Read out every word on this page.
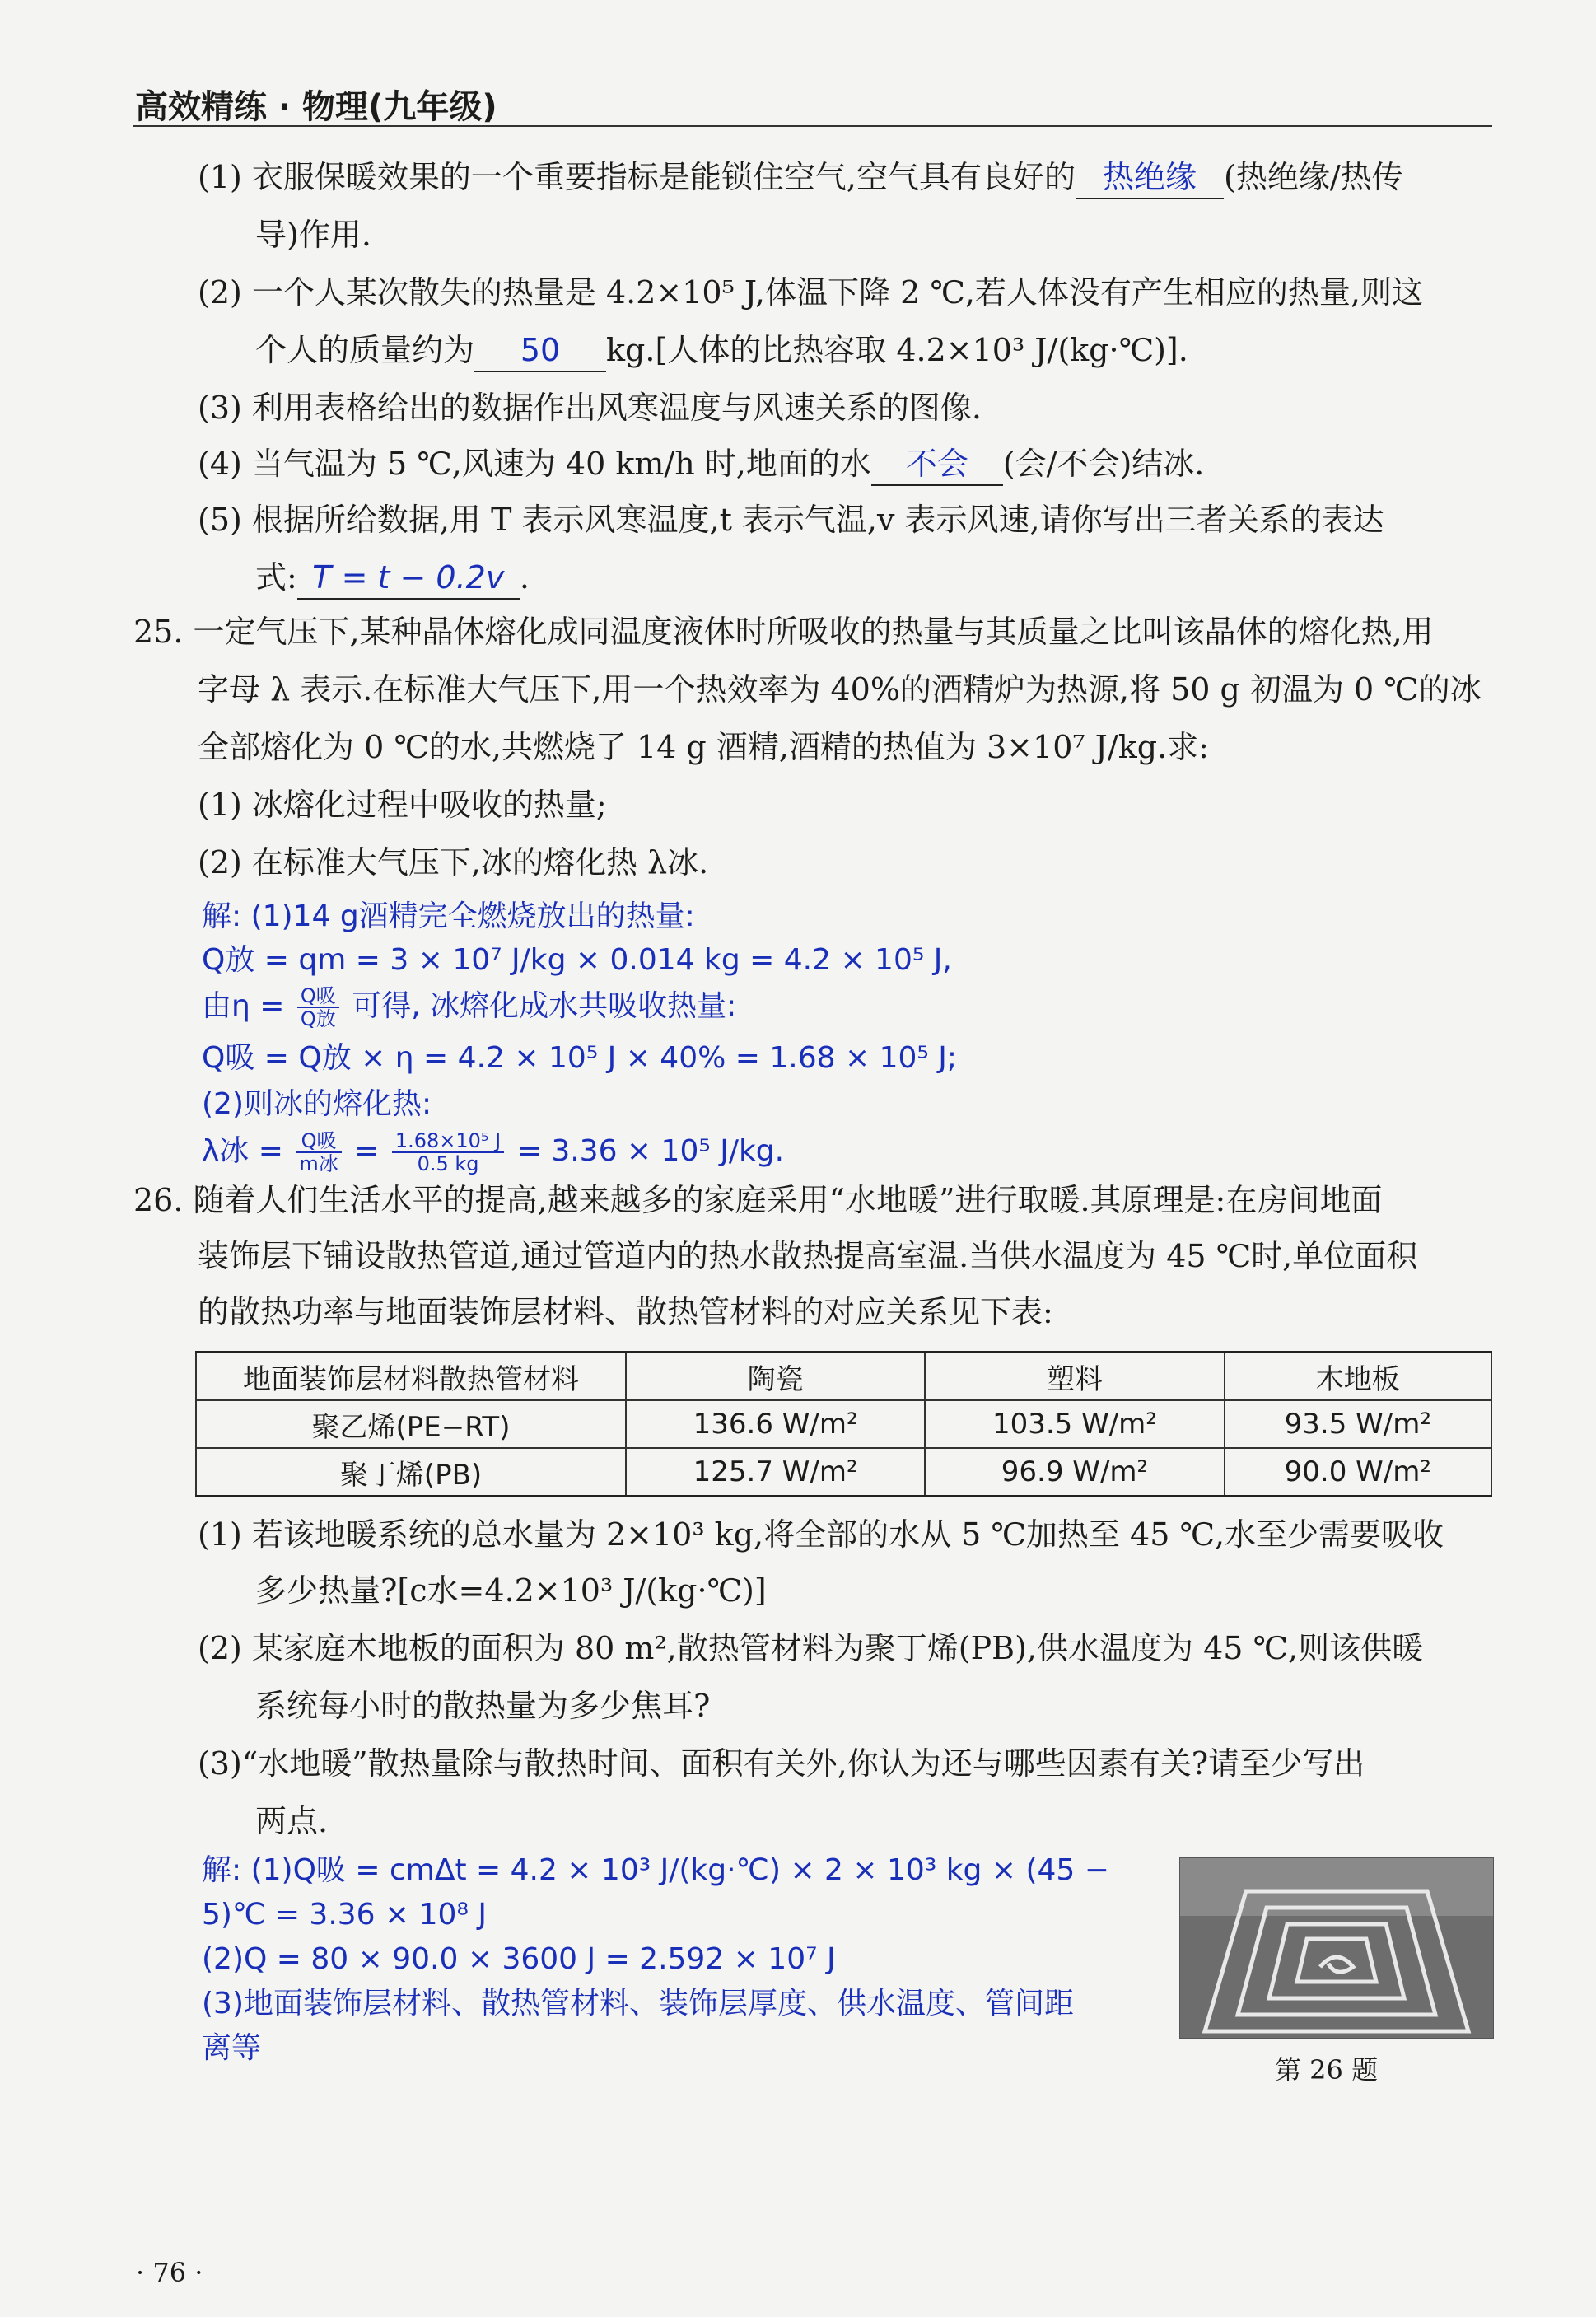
高效精练 · 物理(九年级)
(1) 衣服保暖效果的一个重要指标是能锁住空气,空气具有良好的 热绝缘 (热绝缘/热传
导)作用.
(2) 一个人某次散失的热量是 4.2×10⁵ J,体温下降 2 ℃,若人体没有产生相应的热量,则这
个人的质量约为 50 kg.[人体的比热容取 4.2×10³ J/(kg·℃)].
(3) 利用表格给出的数据作出风寒温度与风速关系的图像.
(4) 当气温为 5 ℃,风速为 40 km/h 时,地面的水 不会 (会/不会)结冰.
(5) 根据所给数据,用 T 表示风寒温度,t 表示气温,v 表示风速,请你写出三者关系的表达
式: T = t − 0.2v .
25. 一定气压下,某种晶体熔化成同温度液体时所吸收的热量与其质量之比叫该晶体的熔化热,用
字母 λ 表示.在标准大气压下,用一个热效率为 40%的酒精炉为热源,将 50 g 初温为 0 ℃的冰
全部熔化为 0 ℃的水,共燃烧了 14 g 酒精,酒精的热值为 3×10⁷ J/kg.求:
(1) 冰熔化过程中吸收的热量;
(2) 在标准大气压下,冰的熔化热 λ冰.
解: (1)14 g酒精完全燃烧放出的热量:
Q放 = qm = 3 × 10⁷ J/kg × 0.014 kg = 4.2 × 10⁵ J,
由$\eta = \frac{\text{Q吸}}{\text{Q放}}$ 可得, 冰熔化成水共吸收热量:
Q吸 = Q放 × η = 4.2 × 10⁵ J × 40% = 1.68 × 10⁵ J;
(2)则冰的熔化热:
λ冰 = $\frac{\text{Q吸}}{\text{m冰}} = \frac{\text{1.68×10⁵ J}}{0.5 kg} = 3.36 \times 10^5$ J/kg.
26. 随着人们生活水平的提高,越来越多的家庭采用“水地暖”进行取暖.其原理是:在房间地面
装饰层下铺设散热管道,通过管道内的热水散热提高室温.当供水温度为 45 ℃时,单位面积
的散热功率与地面装饰层材料、散热管材料的对应关系见下表:
地面装饰层材料散热管材料	陶瓷	塑料	木地板
聚乙烯(PE−RT)	136.6 W/m²	103.5 W/m²	93.5 W/m²
聚丁烯(PB)	125.7 W/m²	96.9 W/m²	90.0 W/m²
(1) 若该地暖系统的总水量为 2×10³ kg,将全部的水从 5 ℃加热至 45 ℃,水至少需要吸收
多少热量?[c水=4.2×10³ J/(kg·℃)]
(2) 某家庭木地板的面积为 80 m²,散热管材料为聚丁烯(PB),供水温度为 45 ℃,则该供暖
系统每小时的散热量为多少焦耳?
(3)“水地暖”散热量除与散热时间、面积有关外,你认为还与哪些因素有关?请至少写出
两点.
解: (1)Q吸 = cmΔt = 4.2 × 10³ J/(kg·℃) × 2 × 10³ kg × (45 −
5)℃ = 3.36 × 10⁸ J
(2)Q = 80 × 90.0 × 3600 J = 2.592 × 10⁷ J
(3)地面装饰层材料、散热管材料、装饰层厚度、供水温度、管间距
离等
第 26 题
· 76 ·
